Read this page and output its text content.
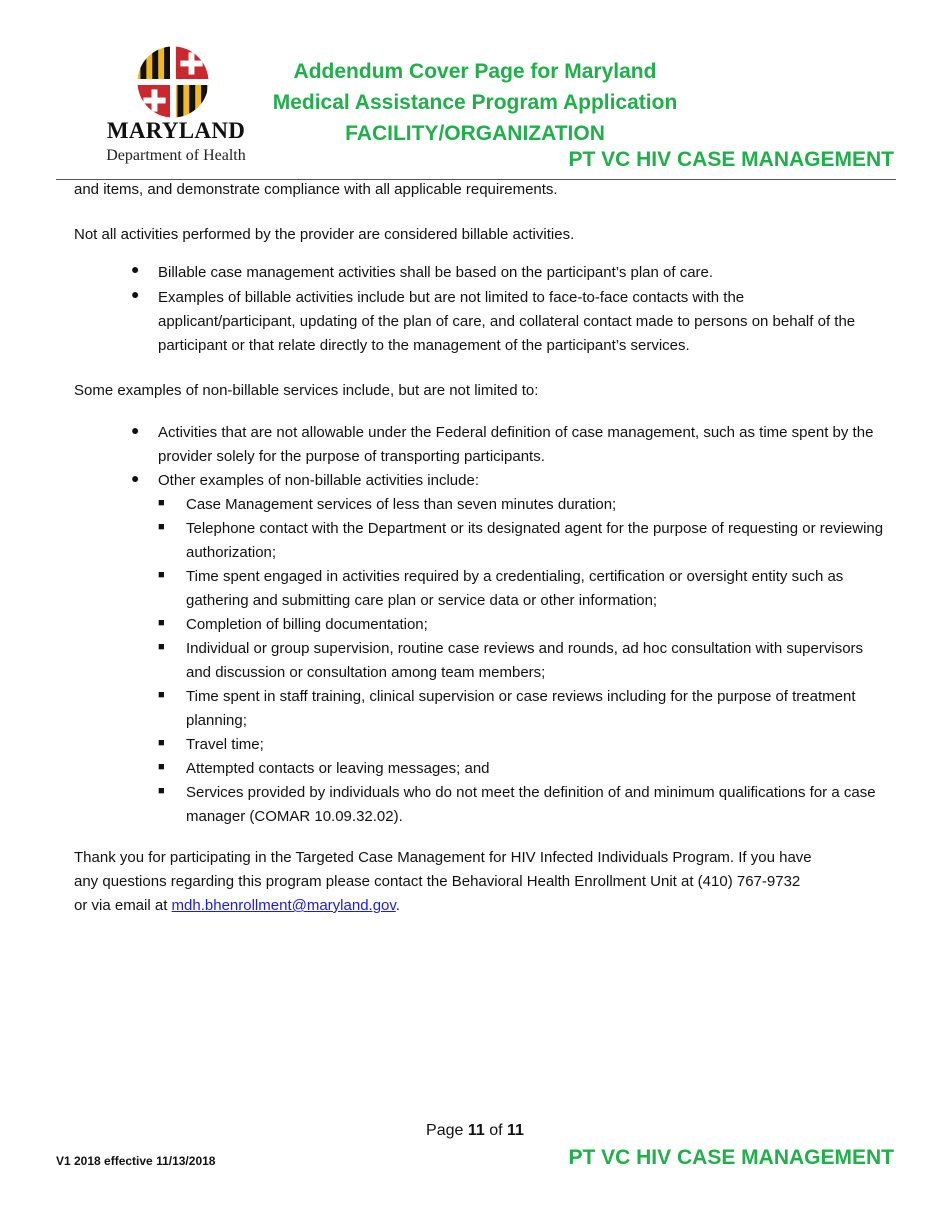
MARYLAND
Department of Health
Addendum Cover Page for Maryland
Medical Assistance Program Application
FACILITY/ORGANIZATION
PT VC HIV CASE MANAGEMENT
and items, and demonstrate compliance with all applicable requirements.
Not all activities performed by the provider are considered billable activities.
● Billable case management activities shall be based on the participant’s plan of care.
● Examples of billable activities include but are not limited to face-to-face contacts with the applicant/participant, updating of the plan of care, and collateral contact made to persons on behalf of the participant or that relate directly to the management of the participant’s services.
Some examples of non-billable services include, but are not limited to:
● Activities that are not allowable under the Federal definition of case management, such as time spent by the provider solely for the purpose of transporting participants.
● Other examples of non-billable activities include:
■ Case Management services of less than seven minutes duration;
■ Telephone contact with the Department or its designated agent for the purpose of requesting or reviewing authorization;
■ Time spent engaged in activities required by a credentialing, certification or oversight entity such as gathering and submitting care plan or service data or other information;
■ Completion of billing documentation;
■ Individual or group supervision, routine case reviews and rounds, ad hoc consultation with supervisors and discussion or consultation among team members;
■ Time spent in staff training, clinical supervision or case reviews including for the purpose of treatment planning;
■ Travel time;
■ Attempted contacts or leaving messages; and
■ Services provided by individuals who do not meet the definition of and minimum qualifications for a case manager (COMAR 10.09.32.02).
Thank you for participating in the Targeted Case Management for HIV Infected Individuals Program. If you have
any questions regarding this program please contact the Behavioral Health Enrollment Unit at (410) 767-9732
or via email at mdh.bhenrollment@maryland.gov.
Page 11 of 11
V1 2018 effective 11/13/2018	PT VC HIV CASE MANAGEMENT
